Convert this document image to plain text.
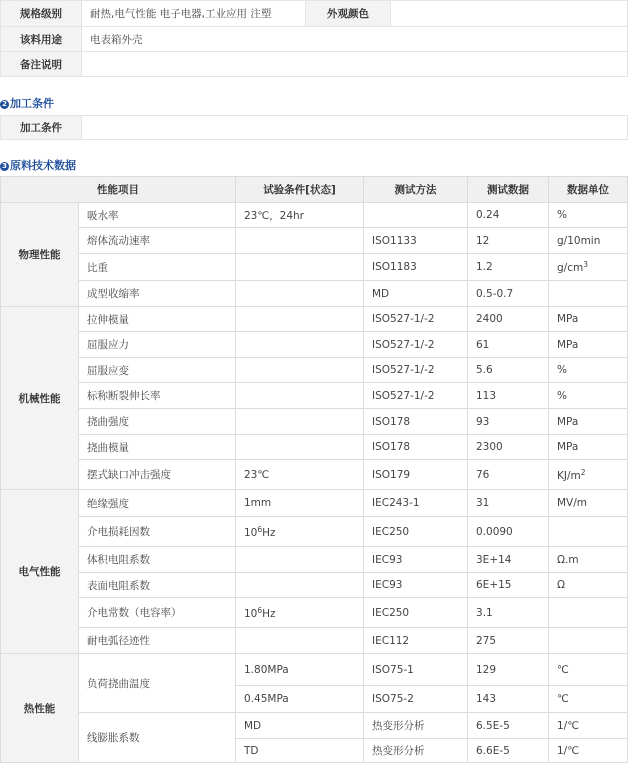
规格级别	耐热,电气性能 电子电器,工业应用 注塑	外观颜色	
该料用途	电表箱外壳		
备注说明			
2 加工条件
加工条件	
3 原料技术数据
性能项目		试验条件[状态]	测试方法	测试数据	数据单位
物理性能	吸水率	23℃，24hr		0.24	%
	熔体流动速率		ISO1133	12	g/10min
	比重		ISO1183	1.2	$g/cm^3$
	成型收缩率		MD	0.5-0.7	
机械性能	拉伸模量		ISO527-1/-2	2400	MPa
	屈服应力		ISO527-1/-2	61	MPa
	屈服应变		ISO527-1/-2	5.6	%
	标称断裂伸长率		ISO527-1/-2	113	%
	挠曲强度		ISO178	93	MPa
	挠曲模量		ISO178	2300	MPa
	摆式缺口冲击强度	23℃	ISO179	76	$KJ/m^2$
电气性能	绝缘强度	1mm	IEC243-1	31	MV/m
	介电损耗因数	$10^6Hz$	IEC250	0.0090	
	体积电阻系数		IEC93	3E+14	Ω.m
	表面电阻系数		IEC93	6E+15	Ω
	介电常数（电容率）	$10^6Hz$	IEC250	3.1	
	耐电弧径迹性		IEC112	275	
热性能	负荷挠曲温度	1.80MPa	ISO75-1	129	℃
		0.45MPa	ISO75-2	143	℃
	线膨胀系数	MD	热变形分析	6.5E-5	1/℃
		TD	热变形分析	6.6E-5	1/℃
